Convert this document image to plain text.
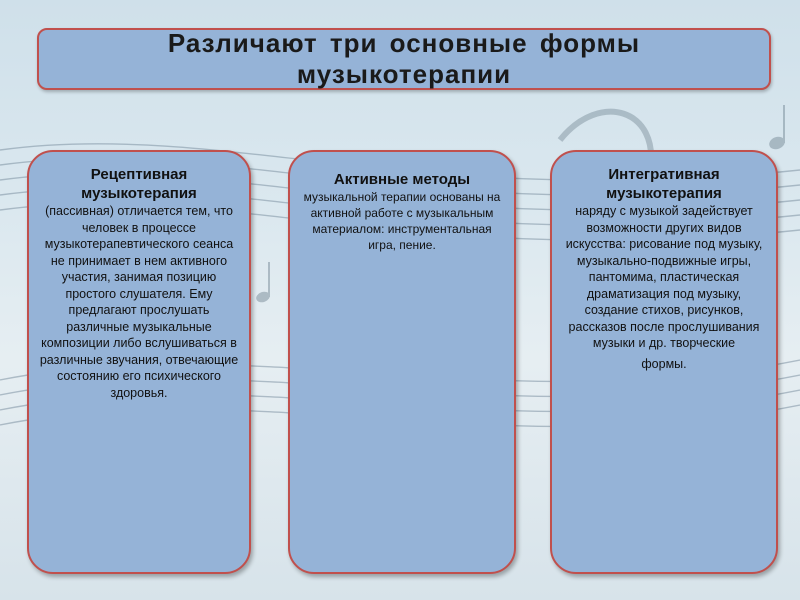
Различают три основные формы
музыкотерапии

Рецептивная музыкотерапия

(пассивная) отличается тем, что человек в процессе музыкотерапевтического сеанса не принимает в нем активного участия, занимая позицию простого слушателя. Ему предлагают прослушать различные музыкальные композиции либо вслушиваться в различные звучания, отвечающие состоянию его психического здоровья.

Активные методы

музыкальной терапии основаны на активной работе с музыкальным материалом: инструментальная игра, пение.

Интегративная музыкотерапия

наряду с музыкой задействует возможности других видов искусства: рисование под музыку, музыкально-подвижные игры, пантомима, пластическая драматизация под музыку, создание стихов, рисунков, рассказов после прослушивания музыки и др. творческие
формы.
